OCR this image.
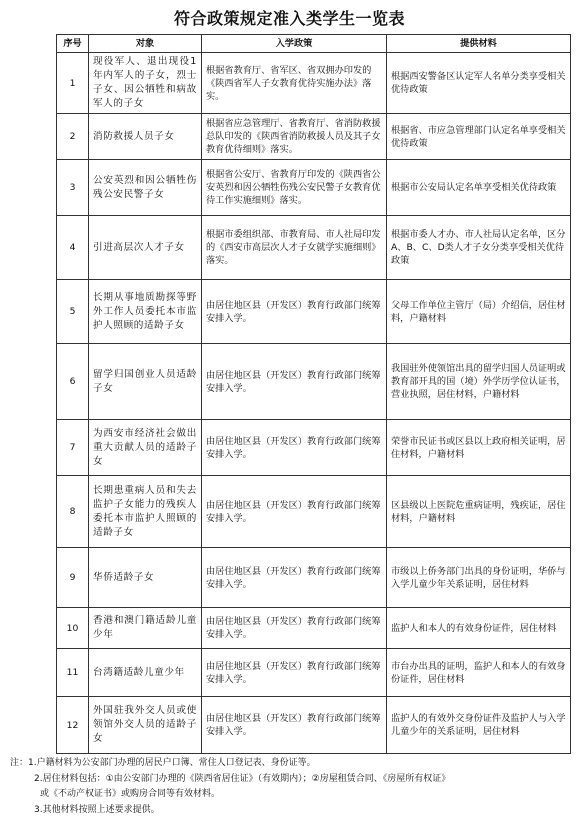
符合政策规定准入类学生一览表
序号	对象	入学政策	提供材料
1	现役军人、退出现役1年内军人的子女，烈士子女、因公牺牲和病故军人的子女	根据省教育厅、省军区、省双拥办印发的《陕西省军人子女教育优待实施办法》落实。	根据西安警备区认定军人名单分类享受相关优待政策
2	消防救援人员子女	根据省应急管理厅、省教育厅、省消防救援总队印发的《陕西省消防救援人员及其子女教育优待细则》落实。	根据省、市应急管理部门认定名单享受相关优待政策
3	公安英烈和因公牺牲伤残公安民警子女	根据省公安厅、省教育厅印发的《陕西省公安英烈和因公牺牲伤残公安民警子女教育优待工作实施细则》落实。	根据市公安局认定名单享受相关优待政策
4	引进高层次人才子女	根据市委组织部、市教育局、市人社局印发的《西安市高层次人才子女就学实施细则》落实。	根据市委人才办、市人社局认定名单，区分A、B、C、D类人才子女分类享受相关优待政策
5	长期从事地质勘探等野外工作人员委托本市监护人照顾的适龄子女	由居住地区县（开发区）教育行政部门统筹安排入学。	父母工作单位主管厅（局）介绍信，居住材料，户籍材料
6	留学归国创业人员适龄子女	由居住地区县（开发区）教育行政部门统筹安排入学。	我国驻外使领馆出具的留学归国人员证明或教育部开具的国（境）外学历学位认证书，营业执照，居住材料，户籍材料
7	为西安市经济社会做出重大贡献人员的适龄子女	由居住地区县（开发区）教育行政部门统筹安排入学。	荣誉市民证书或区县以上政府相关证明，居住材料，户籍材料
8	长期患重病人员和失去监护子女能力的残疾人委托本市监护人照顾的适龄子女	由居住地区县（开发区）教育行政部门统筹安排入学。	区县级以上医院危重病证明，残疾证，居住材料，户籍材料
9	华侨适龄子女	由居住地区县（开发区）教育行政部门统筹安排入学。	市级以上侨务部门出具的身份证明，华侨与入学儿童少年关系证明，居住材料
10	香港和澳门籍适龄儿童少年	由居住地区县（开发区）教育行政部门统筹安排入学。	监护人和本人的有效身份证件，居住材料
11	台湾籍适龄儿童少年	由居住地区县（开发区）教育行政部门统筹安排入学。	市台办出具的证明，监护人和本人的有效身份证件，居住材料
12	外国驻我外交人员或使领馆外交人员的适龄子女	由居住地区县（开发区）教育行政部门统筹安排入学。	监护人的有效外交身份证件及监护人与入学儿童少年的关系证明，居住材料
注：1.户籍材料为公安部门办理的居民户口簿、常住人口登记表、身份证等。
2.居住材料包括：①由公安部门办理的《陕西省居住证》（有效期内）；②房屋租赁合同、《房屋所有权证》
或《不动产权证书》或购房合同等有效材料。
3.其他材料按照上述要求提供。
